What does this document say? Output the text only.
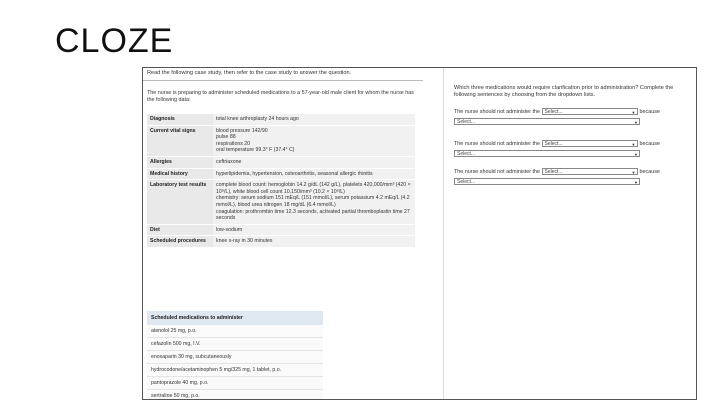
CLOZE
Read the following case study, then refer to the case study to answer the question.
The nurse is preparing to administer scheduled medications to a 57-year-old male client for whom the nurse has the following data:
Diagnosis	total knee arthroplasty 24 hours ago

Current vital signs	blood pressure 142/90
pulse 88
respirations 20
oral temperature 99.3° F (37.4° C)

Allergies	ceftriaxone

Medical history	hyperlipidemia, hypertension, osteoarthritis, seasonal allergic rhinitis

Laboratory test results	complete blood count: hemoglobin 14.2 g/dL (142 g/L), platelets 420,000/mm³ (420 × 10⁹/L), white blood cell count 10,150/mm³ (10.2 × 10⁹/L)
chemistry: serum sodium 151 mEq/L (151 mmol/L), serum potassium 4.2 mEq/L (4.2 mmol/L), blood urea nitrogen 18 mg/dL (6.4 mmol/L)
coagulation: prothrombin time 12.3 seconds, activated partial thromboplastin time 27 seconds

Diet	low-sodium

Scheduled procedures	knee x-ray in 30 minutes
Scheduled medications to administer
atenolol 25 mg, p.o.
cefazolin 500 mg, I.V.
enoxaparin 30 mg, subcutaneously
hydrocodone/acetaminophen 5 mg/325 mg, 1 tablet, p.o.
pantoprazole 40 mg, p.o.
sertraline 50 mg, p.o.
Which three medications would require clarification prior to administration? Complete the following sentences by choosing from the dropdown lists.
The nurse should not administer the Select...	▼ because
Select...	▼
The nurse should not administer the Select...	▼ because
Select...	▼
The nurse should not administer the Select...	▼ because
Select...	▼
